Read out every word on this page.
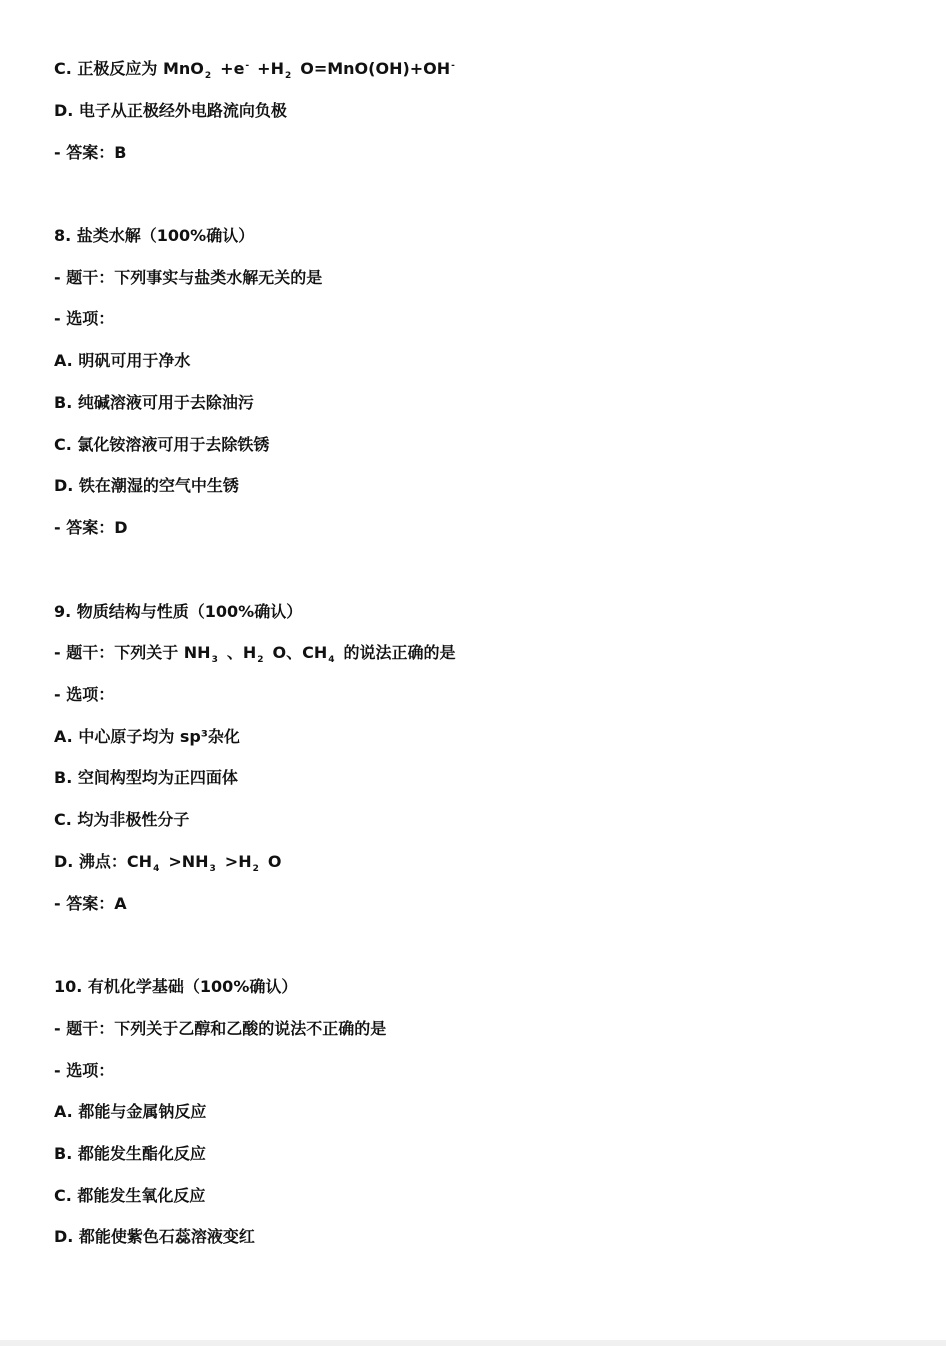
C. 正极反应为 $MnO_2 +e^- +H_2$ O=MnO(OH)+OH-
D. 电子从正极经外电路流向负极
- 答案：B
8. 盐类水解（100%确认）
- 题干：下列事实与盐类水解无关的是
- 选项：
A. 明矾可用于净水
B. 纯碱溶液可用于去除油污
C. 氯化铵溶液可用于去除铁锈
D. 铁在潮湿的空气中生锈
- 答案：D
9. 物质结构与性质（100%确认）
- 题干：下列关于 $NH_3$ 、$H_2$ O、$CH_4$ 的说法正确的是
- 选项：
A. 中心原子均为 sp³杂化
B. 空间构型均为正四面体
C. 均为非极性分子
D. 沸点：$CH_4 >NH_3 >H_2$ O
- 答案：A
10. 有机化学基础（100%确认）
- 题干：下列关于乙醇和乙酸的说法不正确的是
- 选项：
A. 都能与金属钠反应
B. 都能发生酯化反应
C. 都能发生氧化反应
D. 都能使紫色石蕊溶液变红
